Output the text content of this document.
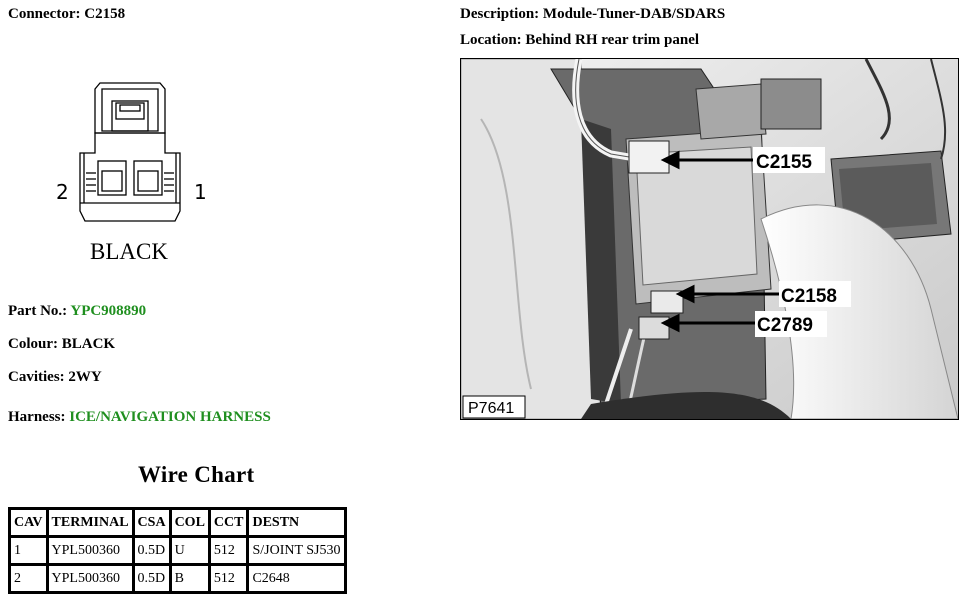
Connector: C2158	Description: Module-Tuner-DAB/SDARS
Location: Behind RH rear trim panel
2	1
BLACK
Part No.: YPC908890
Colour: BLACK
Cavities: 2WY
Harness: ICE/NAVIGATION HARNESS
Wire Chart
CAV	TERMINAL	CSA	COL	CCT	DESTN
1	YPL500360	0.5D	U	512	S/JOINT SJ530
2	YPL500360	0.5D	B	512	C2648
C2155
C2158
C2789
P7641
